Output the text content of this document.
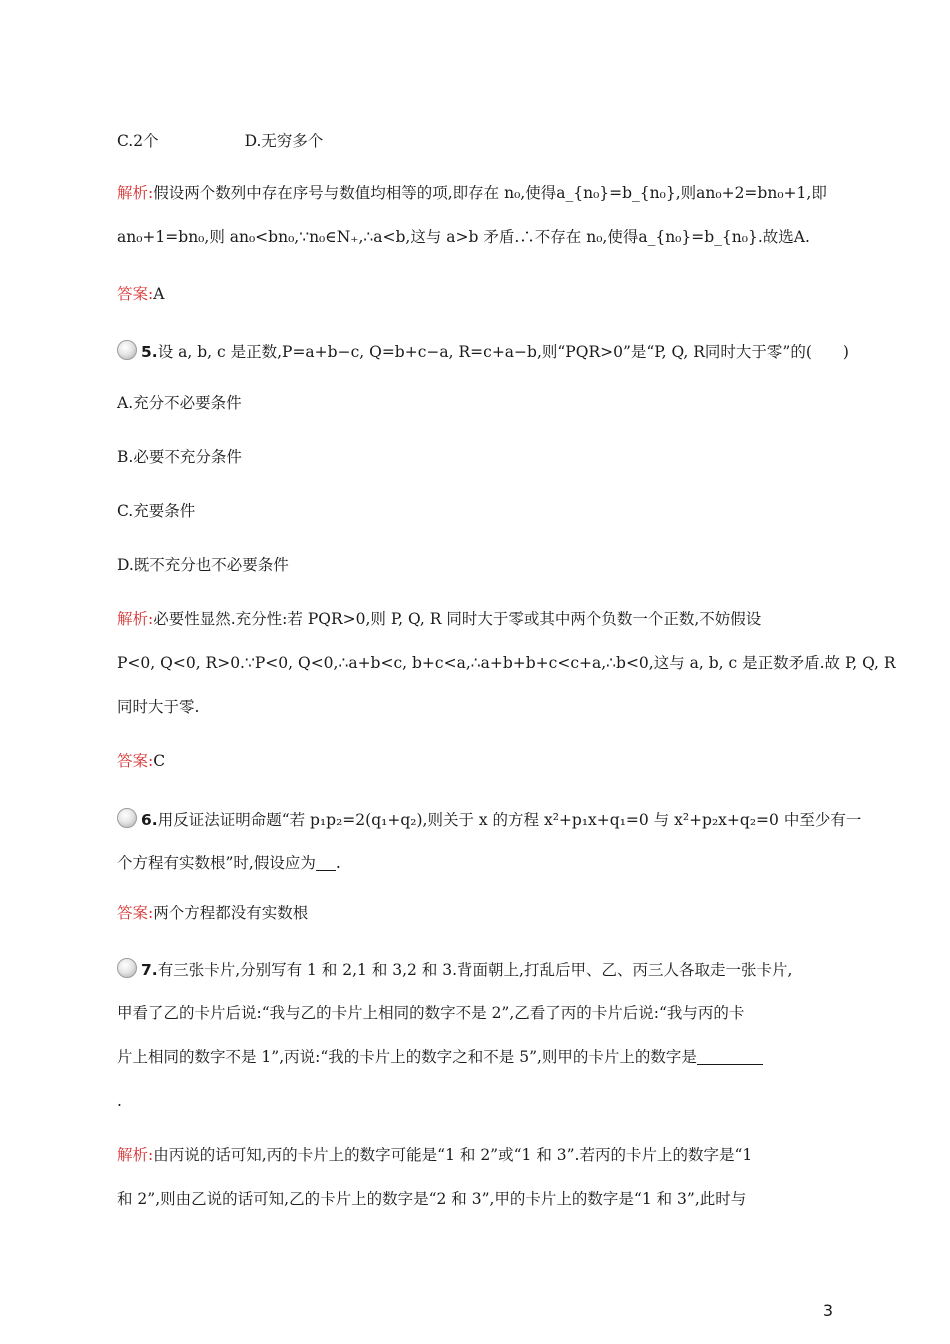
C.2个	D.无穷多个
解析:假设两个数列中存在序号与数值均相等的项,即存在 n₀,使得a_{n₀}=b_{n₀},则an₀+2=bn₀+1,即
an₀+1=bn₀,则 an₀<bn₀,∵n₀∈N₊,∴a<b,这与 a>b 矛盾.∴不存在 n₀,使得a_{n₀}=b_{n₀}.故选A.
答案:A
5.设 a, b, c 是正数,P=a+b−c, Q=b+c−a, R=c+a−b,则“PQR>0”是“P, Q, R同时大于零”的(　　)
A.充分不必要条件
B.必要不充分条件
C.充要条件
D.既不充分也不必要条件
解析:必要性显然.充分性:若 PQR>0,则 P, Q, R 同时大于零或其中两个负数一个正数,不妨假设
P<0, Q<0, R>0.∵P<0, Q<0,∴a+b<c, b+c<a,∴a+b+b+c<c+a,∴b<0,这与 a, b, c 是正数矛盾.故 P, Q, R
同时大于零.
答案:C
6.用反证法证明命题“若 p₁p₂=2(q₁+q₂),则关于 x 的方程 x²+p₁x+q₁=0 与 x²+p₂x+q₂=0 中至少有一
个方程有实数根”时,假设应为 .
答案:两个方程都没有实数根
7.有三张卡片,分别写有 1 和 2,1 和 3,2 和 3.背面朝上,打乱后甲、乙、丙三人各取走一张卡片,
甲看了乙的卡片后说:“我与乙的卡片上相同的数字不是 2”,乙看了丙的卡片后说:“我与丙的卡
片上相同的数字不是 1”,丙说:“我的卡片上的数字之和不是 5”,则甲的卡片上的数字是
.
解析:由丙说的话可知,丙的卡片上的数字可能是“1 和 2”或“1 和 3”.若丙的卡片上的数字是“1
和 2”,则由乙说的话可知,乙的卡片上的数字是“2 和 3”,甲的卡片上的数字是“1 和 3”,此时与
3
